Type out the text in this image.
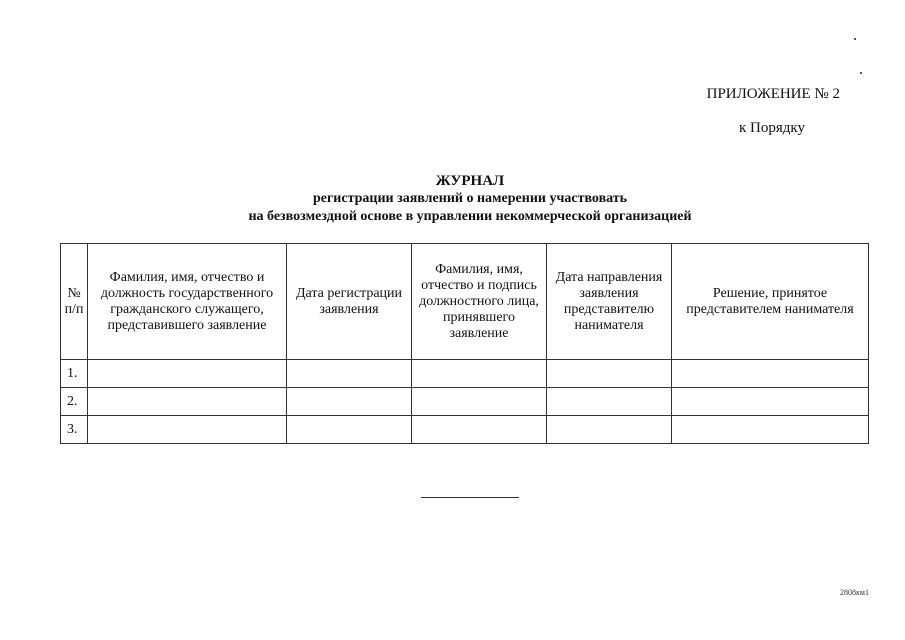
ПРИЛОЖЕНИЕ № 2
к Порядку
ЖУРНАЛ
регистрации заявлений о намерении участвовать
на безвозмездной основе в управлении некоммерческой организацией
№ п/п	Фамилия, имя, отчество и должность государственного гражданского служащего, представившего заявление	Дата регистрации заявления	Фамилия, имя, отчество и подпись должностного лица, принявшего заявление	Дата направления заявления представителю нанимателя	Решение, принятое представителем нанимателя
1.					
2.					
3.					
2808км1
